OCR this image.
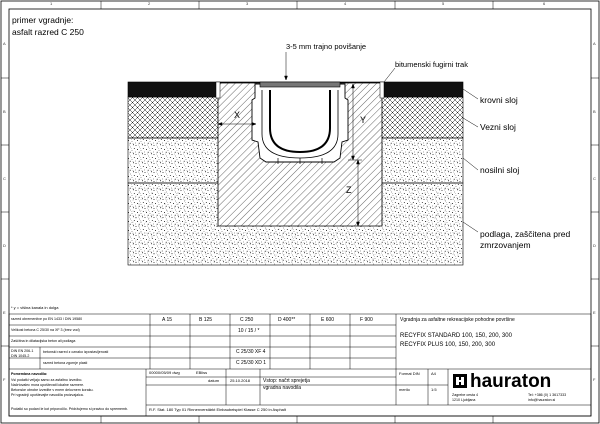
1	2	3	4	5	6
A
B
C
D
E
F
A
B
C
D
E
F
primer vgradnje:
asfalt razred C 250
3-5 mm trajno povišanje
bitumenski fugirni trak
krovni sloj
Vezni sloj
nosilni sloj
podlaga, zaščitena pred
zmrzovanjem
X	Y
Z
* y = višina kanala in dolga
razred obremenitve po EN 1433 / DIN 19580	A 15	B 125	C 250	D 400**	E 600	F 900
Velikost betona C 25/30 na XF 3 (brez vod)	10 / 15 / *
Zaščitna in dilatacijska beton ali podlaga
DIN EN 206-1
DIN 1045-2
betonski razred z oznako izpostavljenosti	C 25/30 XF 4
razred betona zgornje plasti	C 25/30 XD 1
Pomembna navodila:
Vsi podatki veljajo samo za asfaltno izvedbo.
Načrtovalec mora upoštevati lokalne razmere.
Betonske obrobe izvedite v enem delovnem koraku.
Pri vgradnji upoštevajte navodila proizvajalca.
Podatki so podani le kot priporočilo. Pridržujemo si pravico do sprememb.
Vgradnja za asfaltne rekreacijske pohodne površine
RECYFIX STANDARD 100, 150, 200, 300
RECYFIX PLUS 100, 150, 200, 300
00000/05/09 dwg	EBliss
datum	25.10.2018	Vstop: načrt sprejetja
vgradna navodila
Format DIN	A4
merilo	1:5
R.F. Stat. 180 Typ 01 Rinnenverstärkt Einbaubeispiel Klasse C 250 in Asphalt
hauraton
Zagrebe cesta 4
1210 Ljubljana
Tel: +386 (0) 1 3617333
info@hauraton.si
